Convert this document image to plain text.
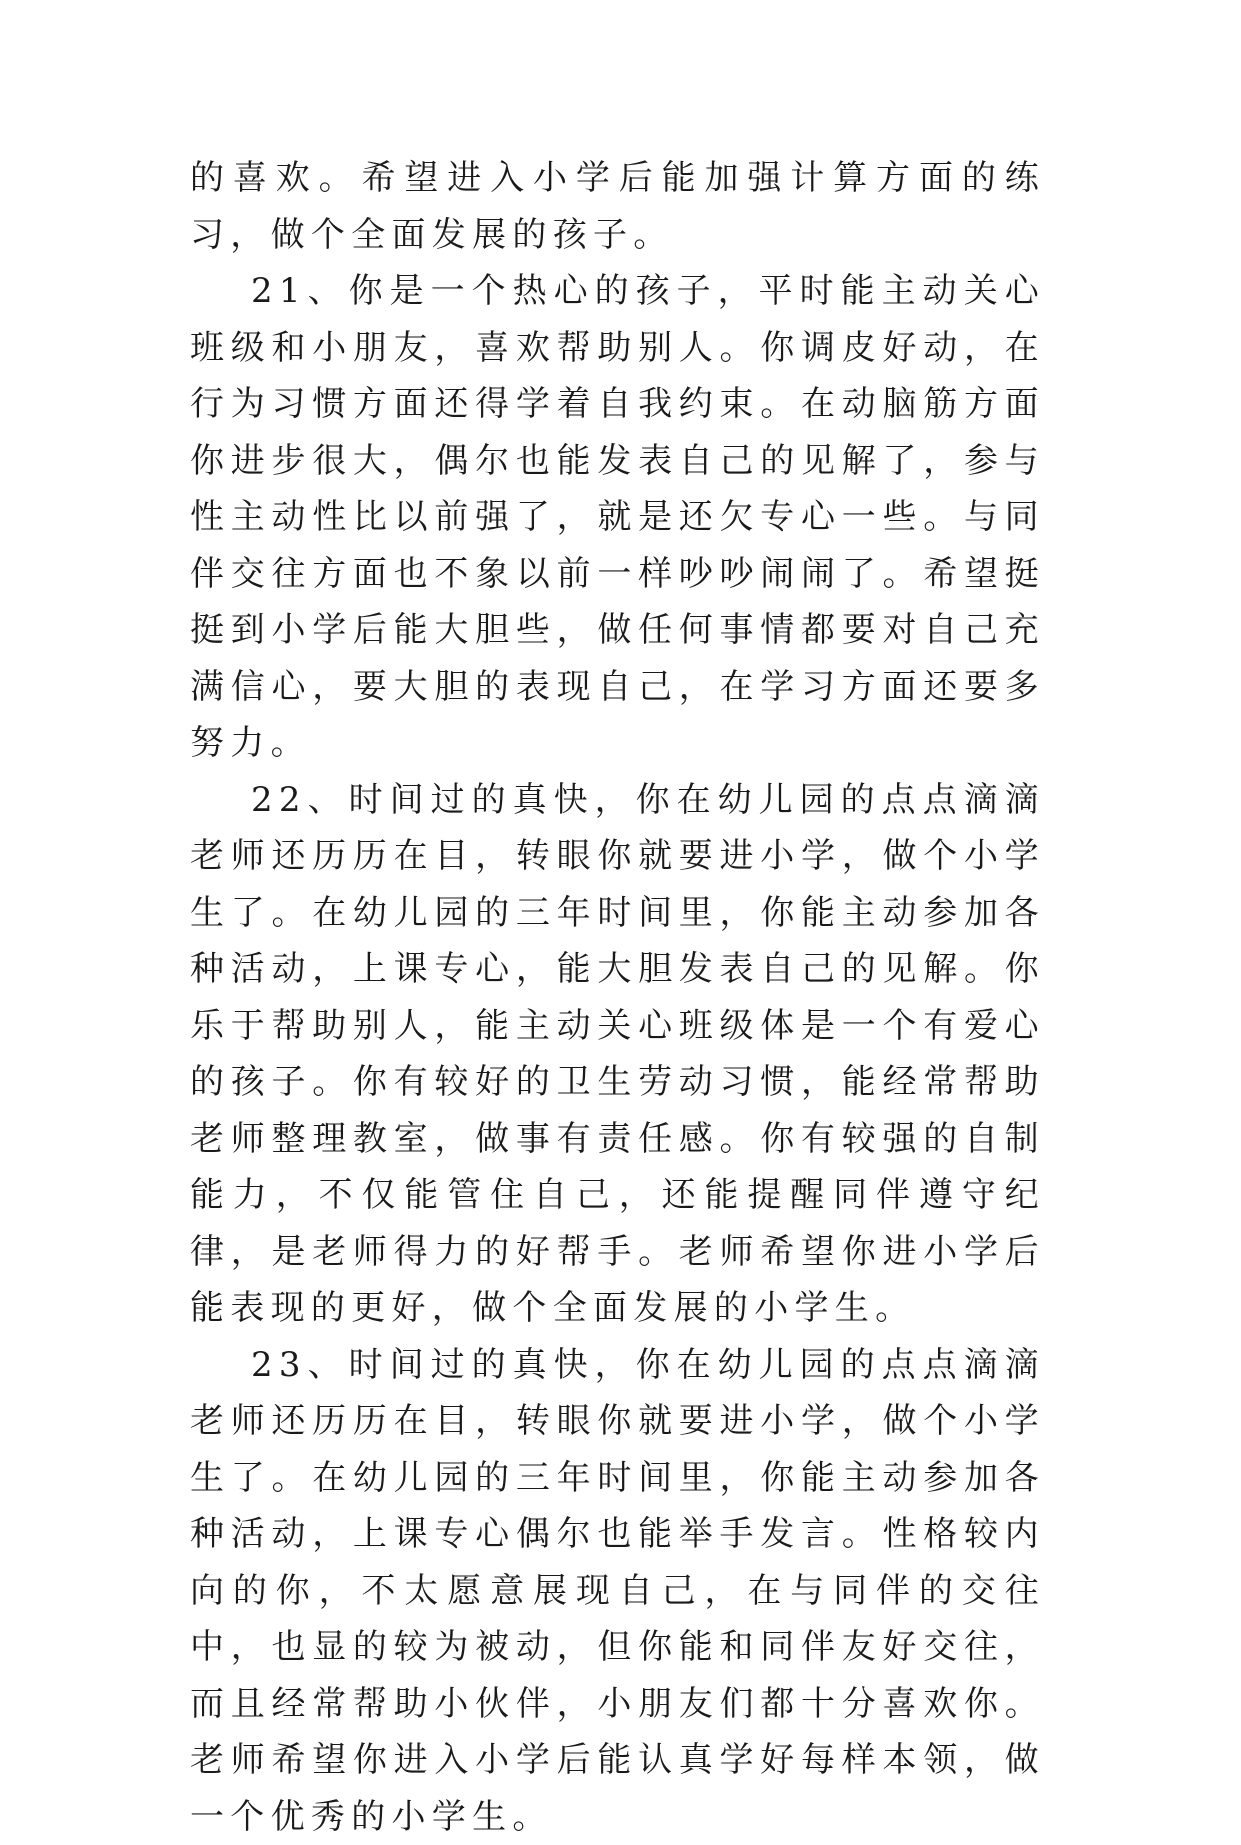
的喜欢。希望进入小学后能加强计算方面的练习，做个全面发展的孩子。

21、你是一个热心的孩子，平时能主动关心班级和小朋友，喜欢帮助别人。你调皮好动，在行为习惯方面还得学着自我约束。在动脑筋方面你进步很大，偶尔也能发表自己的见解了，参与性主动性比以前强了，就是还欠专心一些。与同伴交往方面也不象以前一样吵吵闹闹了。希望挺挺到小学后能大胆些，做任何事情都要对自己充满信心，要大胆的表现自己，在学习方面还要多努力。

22、时间过的真快，你在幼儿园的点点滴滴老师还历历在目，转眼你就要进小学，做个小学生了。在幼儿园的三年时间里，你能主动参加各种活动，上课专心，能大胆发表自己的见解。你乐于帮助别人，能主动关心班级体是一个有爱心的孩子。你有较好的卫生劳动习惯，能经常帮助老师整理教室，做事有责任感。你有较强的自制能力，不仅能管住自己，还能提醒同伴遵守纪律，是老师得力的好帮手。老师希望你进小学后能表现的更好，做个全面发展的小学生。

23、时间过的真快，你在幼儿园的点点滴滴老师还历历在目，转眼你就要进小学，做个小学生了。在幼儿园的三年时间里，你能主动参加各种活动，上课专心偶尔也能举手发言。性格较内向的你，不太愿意展现自己，在与同伴的交往中，也显的较为被动，但你能和同伴友好交往，而且经常帮助小伙伴，小朋友们都十分喜欢你。老师希望你进入小学后能认真学好每样本领，做一个优秀的小学生。
